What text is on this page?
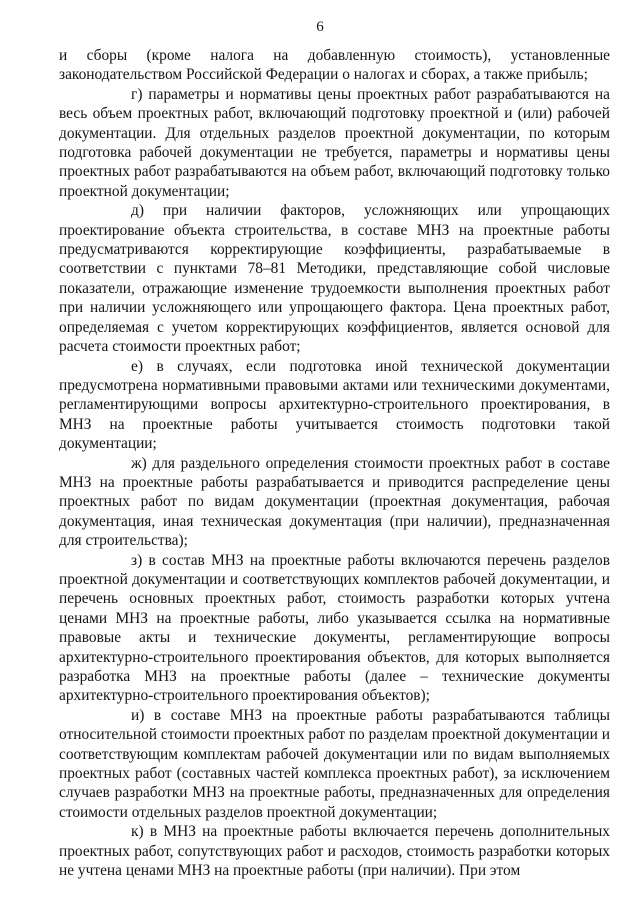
6

и сборы (кроме налога на добавленную стоимость), установленные законодательством Российской Федерации о налогах и сборах, а также прибыль;

г) параметры и нормативы цены проектных работ разрабатываются на весь объем проектных работ, включающий подготовку проектной и (или) рабочей документации. Для отдельных разделов проектной документации, по которым подготовка рабочей документации не требуется, параметры и нормативы цены проектных работ разрабатываются на объем работ, включающий подготовку только проектной документации;

д) при наличии факторов, усложняющих или упрощающих проектирование объекта строительства, в составе МНЗ на проектные работы предусматриваются корректирующие коэффициенты, разрабатываемые в соответствии с пунктами 78–81 Методики, представляющие собой числовые показатели, отражающие изменение трудоемкости выполнения проектных работ при наличии усложняющего или упрощающего фактора. Цена проектных работ, определяемая с учетом корректирующих коэффициентов, является основой для расчета стоимости проектных работ;

е) в случаях, если подготовка иной технической документации предусмотрена нормативными правовыми актами или техническими документами, регламентирующими вопросы архитектурно-строительного проектирования, в МНЗ на проектные работы учитывается стоимость подготовки такой документации;

ж) для раздельного определения стоимости проектных работ в составе МНЗ на проектные работы разрабатывается и приводится распределение цены проектных работ по видам документации (проектная документация, рабочая документация, иная техническая документация (при наличии), предназначенная для строительства);

з) в состав МНЗ на проектные работы включаются перечень разделов проектной документации и соответствующих комплектов рабочей документации, и перечень основных проектных работ, стоимость разработки которых учтена ценами МНЗ на проектные работы, либо указывается ссылка на нормативные правовые акты и технические документы, регламентирующие вопросы архитектурно-строительного проектирования объектов, для которых выполняется разработка МНЗ на проектные работы (далее – технические документы архитектурно-строительного проектирования объектов);

и) в составе МНЗ на проектные работы разрабатываются таблицы относительной стоимости проектных работ по разделам проектной документации и соответствующим комплектам рабочей документации или по видам выполняемых проектных работ (составных частей комплекса проектных работ), за исключением случаев разработки МНЗ на проектные работы, предназначенных для определения стоимости отдельных разделов проектной документации;

к) в МНЗ на проектные работы включается перечень дополнительных проектных работ, сопутствующих работ и расходов, стоимость разработки которых не учтена ценами МНЗ на проектные работы (при наличии). При этом
